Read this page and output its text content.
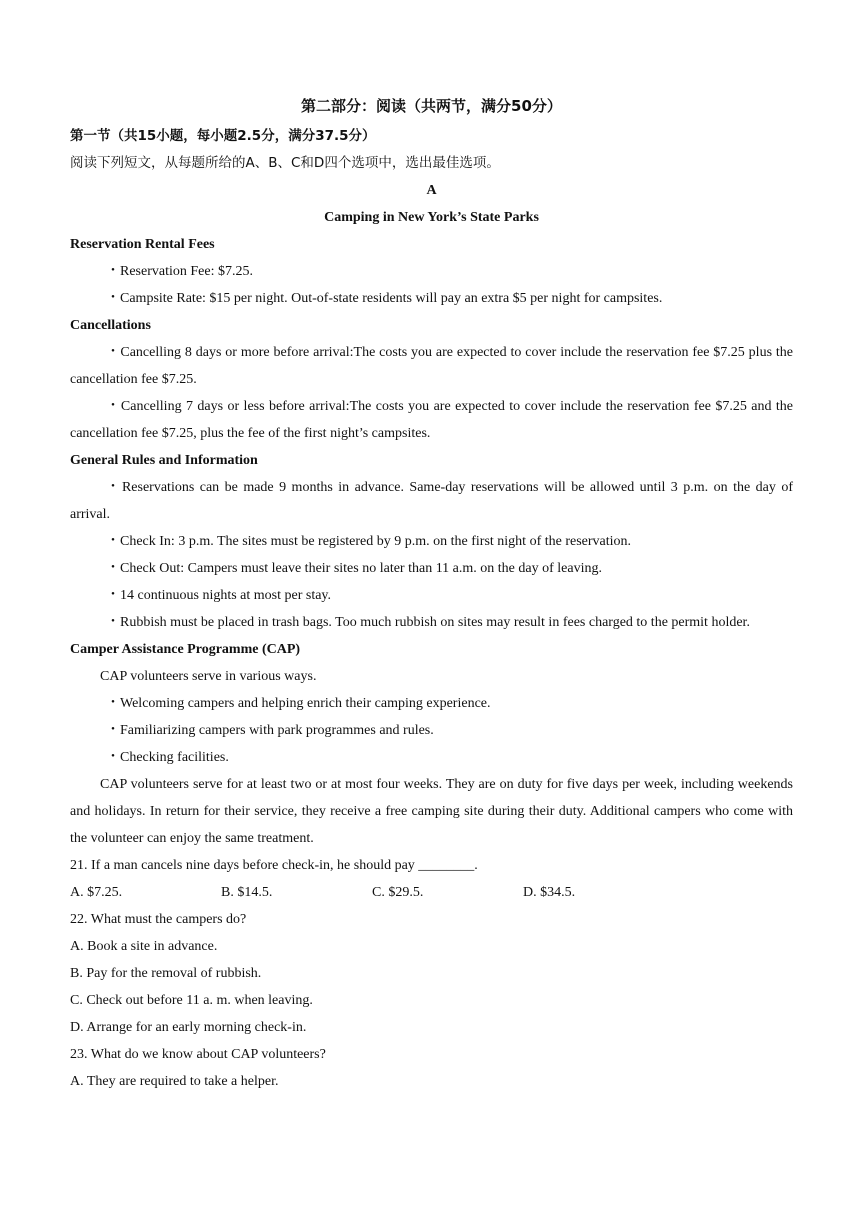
第二部分：阅读（共两节，满分50分）
第一节（共15小题，每小题2.5分，满分37.5分）
阅读下列短文，从每题所给的A、B、C和D四个选项中，选出最佳选项。
A
Camping in New York’s State Parks
Reservation Rental Fees
・Reservation Fee: $7.25.
・Campsite Rate: $15 per night. Out-of-state residents will pay an extra $5 per night for campsites.
Cancellations
・Cancelling 8 days or more before arrival:The costs you are expected to cover include the reservation fee $7.25 plus the cancellation fee $7.25.
・Cancelling 7 days or less before arrival:The costs you are expected to cover include the reservation fee $7.25 and the cancellation fee $7.25, plus the fee of the first night’s campsites.
General Rules and Information
・Reservations can be made 9 months in advance. Same-day reservations will be allowed until 3 p.m. on the day of arrival.
・Check In: 3 p.m. The sites must be registered by 9 p.m. on the first night of the reservation.
・Check Out: Campers must leave their sites no later than 11 a.m. on the day of leaving.
・14 continuous nights at most per stay.
・Rubbish must be placed in trash bags. Too much rubbish on sites may result in fees charged to the permit holder.
Camper Assistance Programme (CAP)
CAP volunteers serve in various ways.
・Welcoming campers and helping enrich their camping experience.
・Familiarizing campers with park programmes and rules.
・Checking facilities.
CAP volunteers serve for at least two or at most four weeks. They are on duty for five days per week, including weekends and holidays. In return for their service, they receive a free camping site during their duty. Additional campers who come with the volunteer can enjoy the same treatment.
21. If a man cancels nine days before check-in, he should pay ________.
A. $7.25.	B. $14.5.	C. $29.5.	D. $34.5.
22. What must the campers do?
A. Book a site in advance.
B. Pay for the removal of rubbish.
C. Check out before 11 a. m. when leaving.
D. Arrange for an early morning check-in.
23. What do we know about CAP volunteers?
A. They are required to take a helper.
